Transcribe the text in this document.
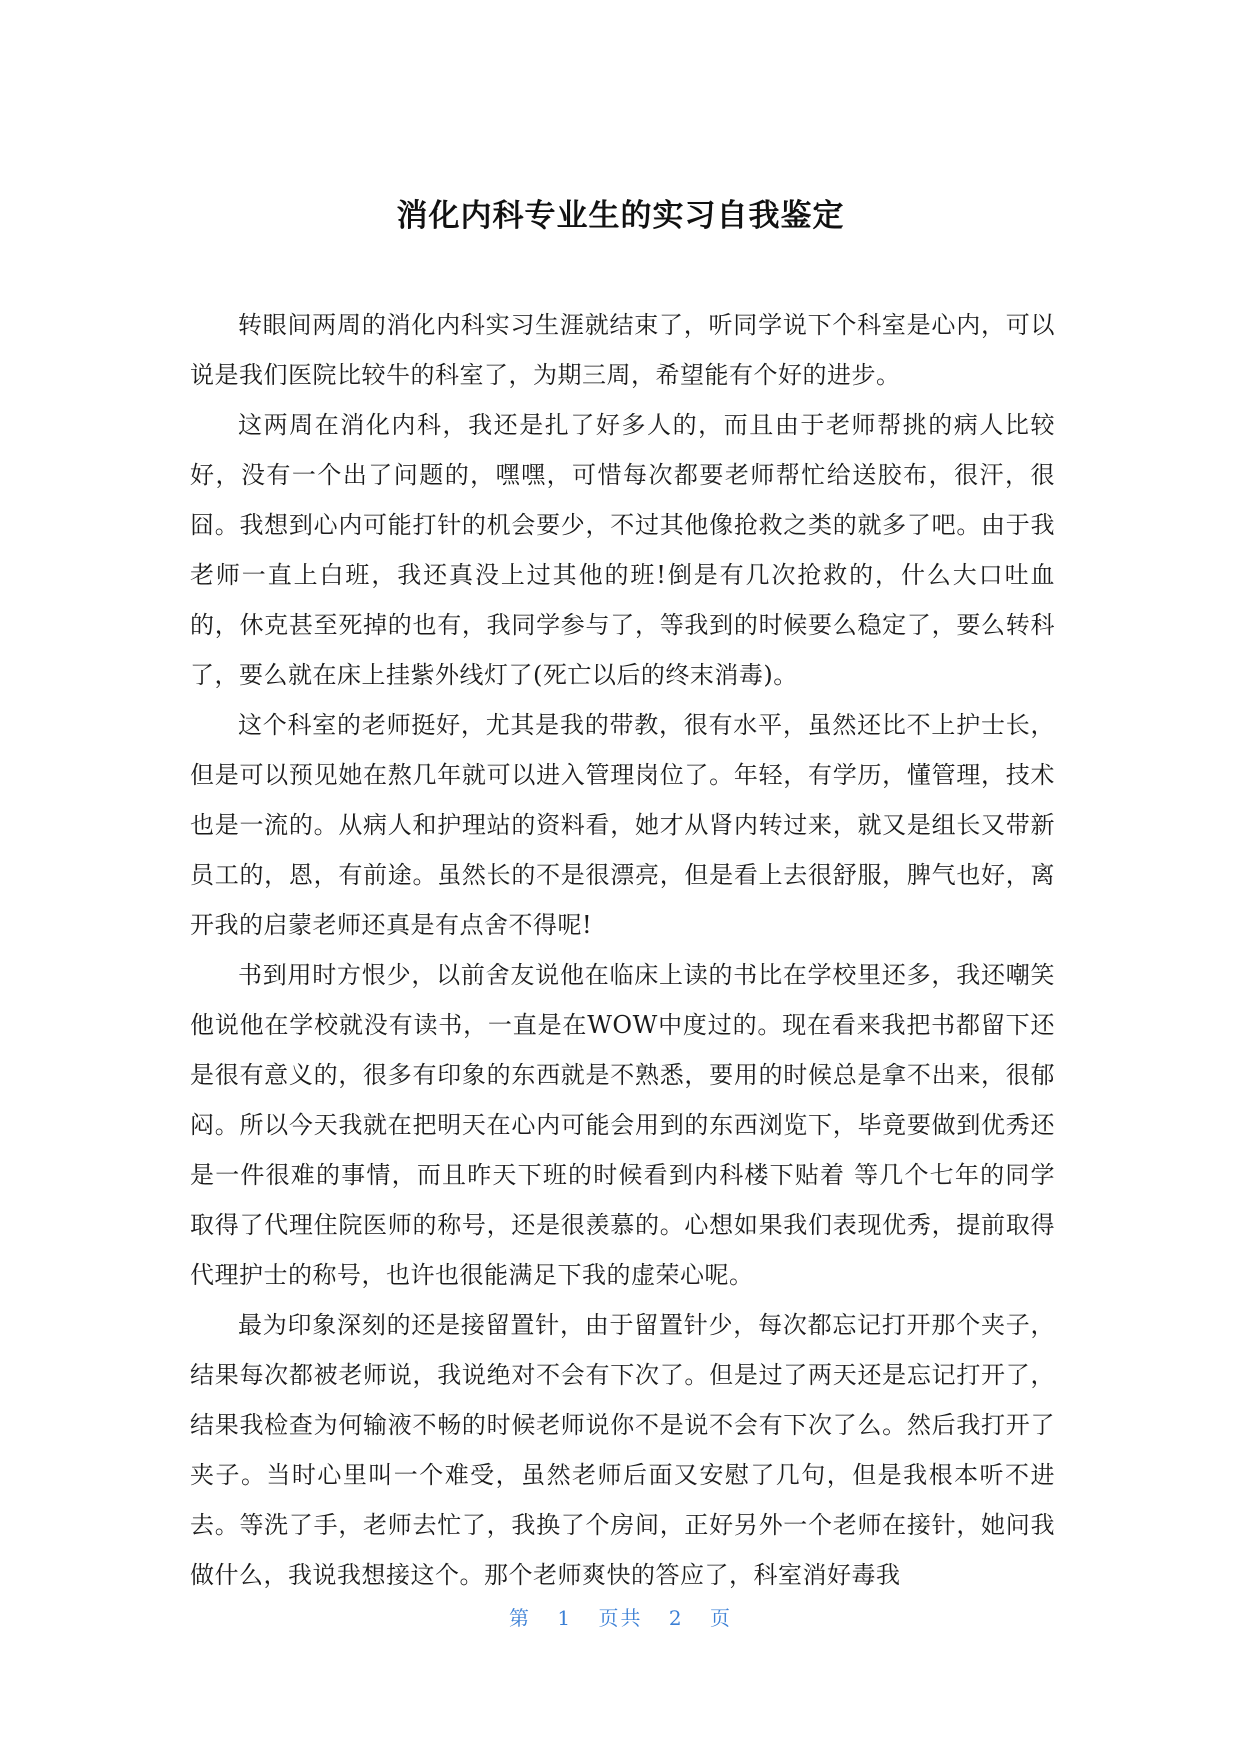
消化内科专业生的实习自我鉴定

转眼间两周的消化内科实习生涯就结束了，听同学说下个科室是心内，可以说是我们医院比较牛的科室了，为期三周，希望能有个好的进步。

这两周在消化内科，我还是扎了好多人的，而且由于老师帮挑的病人比较好，没有一个出了问题的，嘿嘿，可惜每次都要老师帮忙给送胶布，很汗，很囧。我想到心内可能打针的机会要少，不过其他像抢救之类的就多了吧。由于我老师一直上白班，我还真没上过其他的班!倒是有几次抢救的，什么大口吐血的，休克甚至死掉的也有，我同学参与了，等我到的时候要么稳定了，要么转科了，要么就在床上挂紫外线灯了(死亡以后的终末消毒)。

这个科室的老师挺好，尤其是我的带教，很有水平，虽然还比不上护士长，但是可以预见她在熬几年就可以进入管理岗位了。年轻，有学历，懂管理，技术也是一流的。从病人和护理站的资料看，她才从肾内转过来，就又是组长又带新员工的，恩，有前途。虽然长的不是很漂亮，但是看上去很舒服，脾气也好，离开我的启蒙老师还真是有点舍不得呢!

书到用时方恨少，以前舍友说他在临床上读的书比在学校里还多，我还嘲笑他说他在学校就没有读书，一直是在WOW中度过的。现在看来我把书都留下还是很有意义的，很多有印象的东西就是不熟悉，要用的时候总是拿不出来，很郁闷。所以今天我就在把明天在心内可能会用到的东西浏览下，毕竟要做到优秀还是一件很难的事情，而且昨天下班的时候看到内科楼下贴着 等几个七年的同学取得了代理住院医师的称号，还是很羡慕的。心想如果我们表现优秀，提前取得代理护士的称号，也许也很能满足下我的虚荣心呢。

最为印象深刻的还是接留置针，由于留置针少，每次都忘记打开那个夹子，结果每次都被老师说，我说绝对不会有下次了。但是过了两天还是忘记打开了，结果我检查为何输液不畅的时候老师说你不是说不会有下次了么。然后我打开了夹子。当时心里叫一个难受，虽然老师后面又安慰了几句，但是我根本听不进去。等洗了手，老师去忙了，我换了个房间，正好另外一个老师在接针，她问我做什么，我说我想接这个。那个老师爽快的答应了，科室消好毒我

第 1 页共 2 页
